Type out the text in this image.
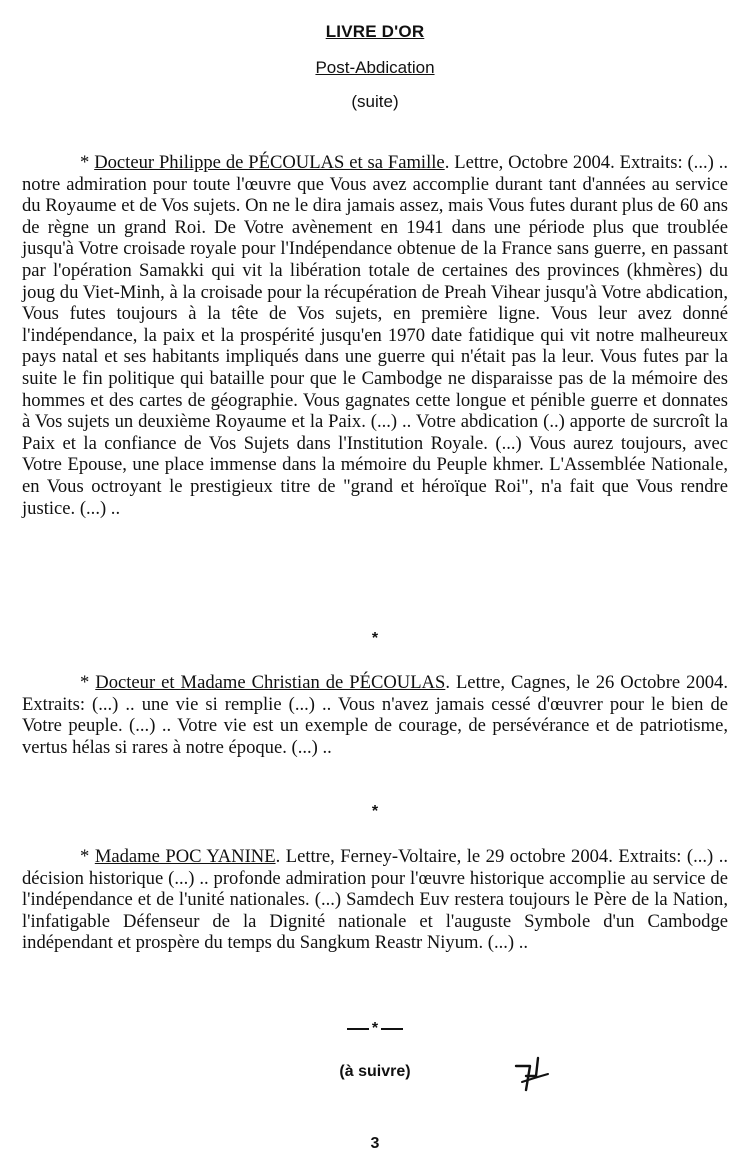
LIVRE D'OR
Post-Abdication
(suite)

* Docteur Philippe de PÉCOULAS et sa Famille. Lettre, Octobre 2004. Extraits: (...) .. notre admiration pour toute l'œuvre que Vous avez accomplie durant tant d'années au service du Royaume et de Vos sujets. On ne le dira jamais assez, mais Vous futes durant plus de 60 ans de règne un grand Roi. De Votre avènement en 1941 dans une période plus que troublée jusqu'à Votre croisade royale pour l'Indépendance obtenue de la France sans guerre, en passant par l'opération Samakki qui vit la libération totale de certaines des provinces (khmères) du joug du Viet-Minh, à la croisade pour la récupération de Preah Vihear jusqu'à Votre abdication, Vous futes toujours à la tête de Vos sujets, en première ligne. Vous leur avez donné l'indépendance, la paix et la prospérité jusqu'en 1970 date fatidique qui vit notre malheureux pays natal et ses habitants impliqués dans une guerre qui n'était pas la leur. Vous futes par la suite le fin politique qui bataille pour que le Cambodge ne disparaisse pas de la mémoire des hommes et des cartes de géographie. Vous gagnates cette longue et pénible guerre et donnates à Vos sujets un deuxième Royaume et la Paix. (...) .. Votre abdication (..) apporte de surcroît la Paix et la confiance de Vos Sujets dans l'Institution Royale. (...) Vous aurez toujours, avec Votre Epouse, une place immense dans la mémoire du Peuple khmer. L'Assemblée Nationale, en Vous octroyant le prestigieux titre de "grand et héroïque Roi", n'a fait que Vous rendre justice. (...) ..

*

* Docteur et Madame Christian de PÉCOULAS. Lettre, Cagnes, le 26 Octobre 2004. Extraits: (...) .. une vie si remplie (...) .. Vous n'avez jamais cessé d'œuvrer pour le bien de Votre peuple. (...) .. Votre vie est un exemple de courage, de persévérance et de patriotisme, vertus hélas si rares à notre époque. (...) ..

*

* Madame POC YANINE. Lettre, Ferney-Voltaire, le 29 octobre 2004. Extraits: (...) .. décision historique (...) .. profonde admiration pour l'œuvre historique accomplie au service de l'indépendance et de l'unité nationales. (...) Samdech Euv restera toujours le Père de la Nation, l'infatigable Défenseur de la Dignité nationale et l'auguste Symbole d'un Cambodge indépendant et prospère du temps du Sangkum Reastr Niyum. (...) ..

*
(à suivre)
3
